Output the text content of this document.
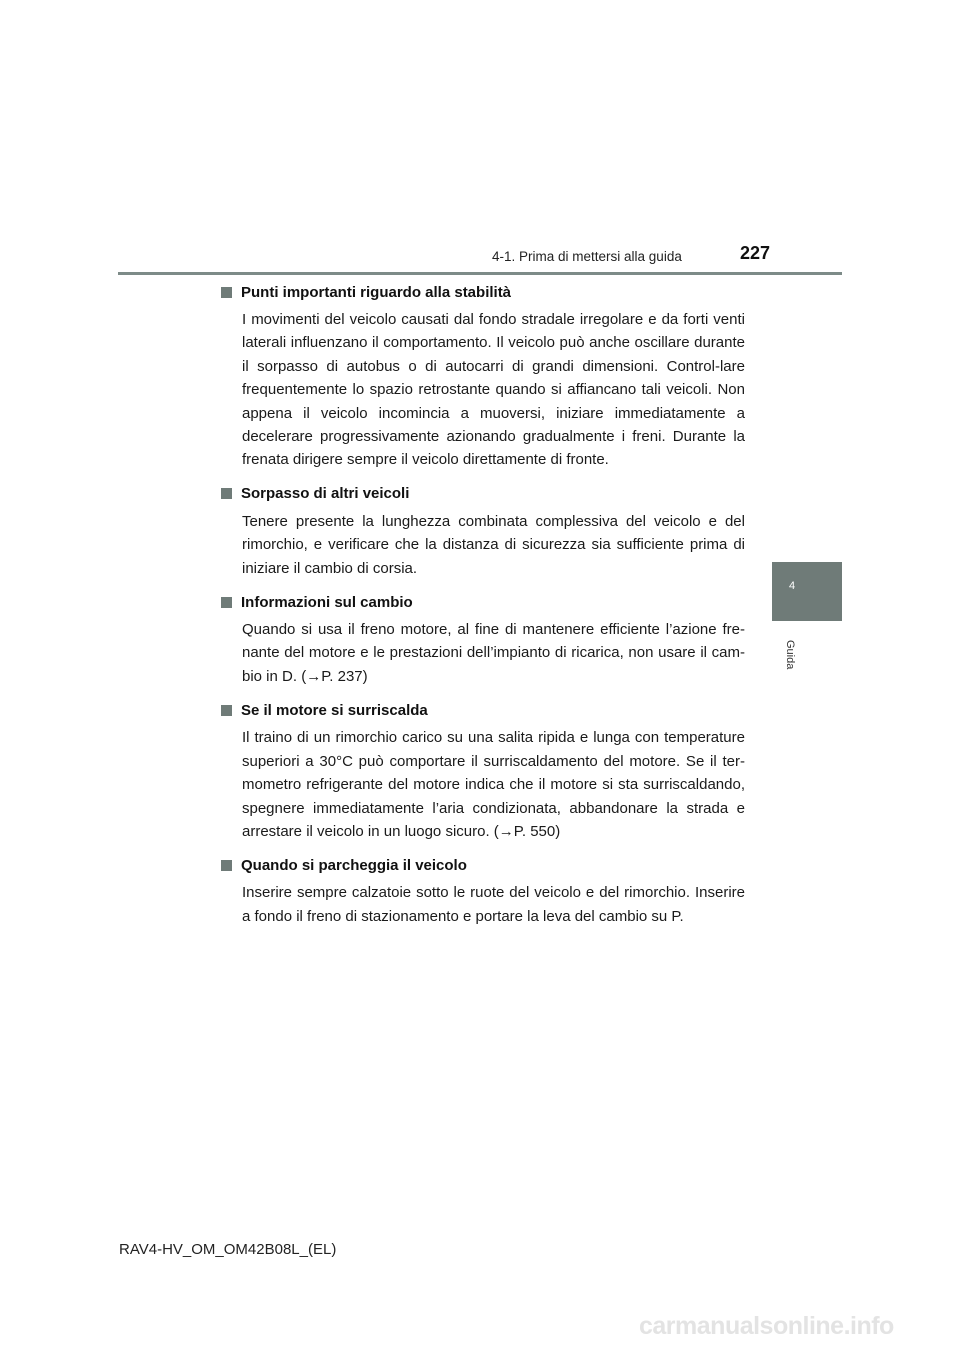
4-1. Prima di mettersi alla guida	227
4
Guida
Punti importanti riguardo alla stabilità

I movimenti del veicolo causati dal fondo stradale irregolare e da forti venti laterali influenzano il comportamento. Il veicolo può anche oscillare durante il sorpasso di autobus o di autocarri di grandi dimensioni. Control-lare frequentemente lo spazio retrostante quando si affiancano tali veicoli. Non appena il veicolo incomincia a muoversi, iniziare immediatamente a decelerare progressivamente azionando gradualmente i freni. Durante la frenata dirigere sempre il veicolo direttamente di fronte.

Sorpasso di altri veicoli

Tenere presente la lunghezza combinata complessiva del veicolo e del rimorchio, e verificare che la distanza di sicurezza sia sufficiente prima di iniziare il cambio di corsia.

Informazioni sul cambio

Quando si usa il freno motore, al fine di mantenere efficiente l’azione fre-nante del motore e le prestazioni dell’impianto di ricarica, non usare il cam-bio in D. (→P. 237)

Se il motore si surriscalda

Il traino di un rimorchio carico su una salita ripida e lunga con temperature superiori a 30°C può comportare il surriscaldamento del motore. Se il ter-mometro refrigerante del motore indica che il motore si sta surriscaldando, spegnere immediatamente l’aria condizionata, abbandonare la strada e arrestare il veicolo in un luogo sicuro. (→P. 550)

Quando si parcheggia il veicolo

Inserire sempre calzatoie sotto le ruote del veicolo e del rimorchio. Inserire a fondo il freno di stazionamento e portare la leva del cambio su P.

RAV4-HV_OM_OM42B08L_(EL)
carmanualsonline.info
